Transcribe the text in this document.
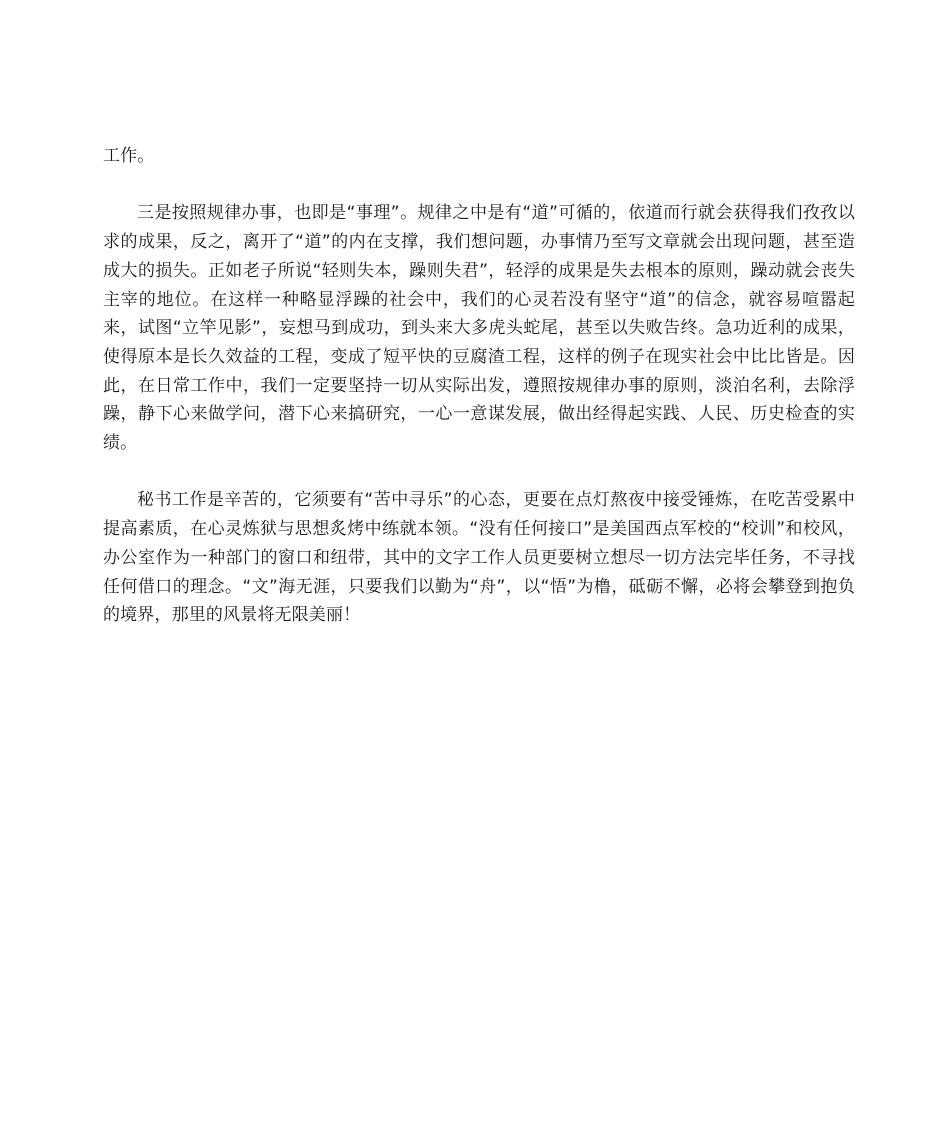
工作。

三是按照规律办事，也即是“事理”。规律之中是有“道”可循的，依道而行就会获得我们孜孜以求的成果，反之，离开了“道”的内在支撑，我们想问题，办事情乃至写文章就会出现问题，甚至造成大的损失。正如老子所说“轻则失本，躁则失君”，轻浮的成果是失去根本的原则，躁动就会丧失主宰的地位。在这样一种略显浮躁的社会中，我们的心灵若没有坚守“道”的信念，就容易喧嚣起来，试图“立竿见影”，妄想马到成功，到头来大多虎头蛇尾，甚至以失败告终。急功近利的成果，使得原本是长久效益的工程，变成了短平快的豆腐渣工程，这样的例子在现实社会中比比皆是。因此，在日常工作中，我们一定要坚持一切从实际出发，遵照按规律办事的原则，淡泊名利，去除浮躁，静下心来做学问，潜下心来搞研究，一心一意谋发展，做出经得起实践、人民、历史检查的实绩。

秘书工作是辛苦的，它须要有“苦中寻乐”的心态，更要在点灯熬夜中接受锤炼，在吃苦受累中提高素质，在心灵炼狱与思想炙烤中练就本领。“没有任何接口”是美国西点军校的“校训”和校风，办公室作为一种部门的窗口和纽带，其中的文字工作人员更要树立想尽一切方法完毕任务，不寻找任何借口的理念。“文”海无涯，只要我们以勤为“舟”，以“悟”为橹，砥砺不懈，必将会攀登到抱负的境界，那里的风景将无限美丽！
